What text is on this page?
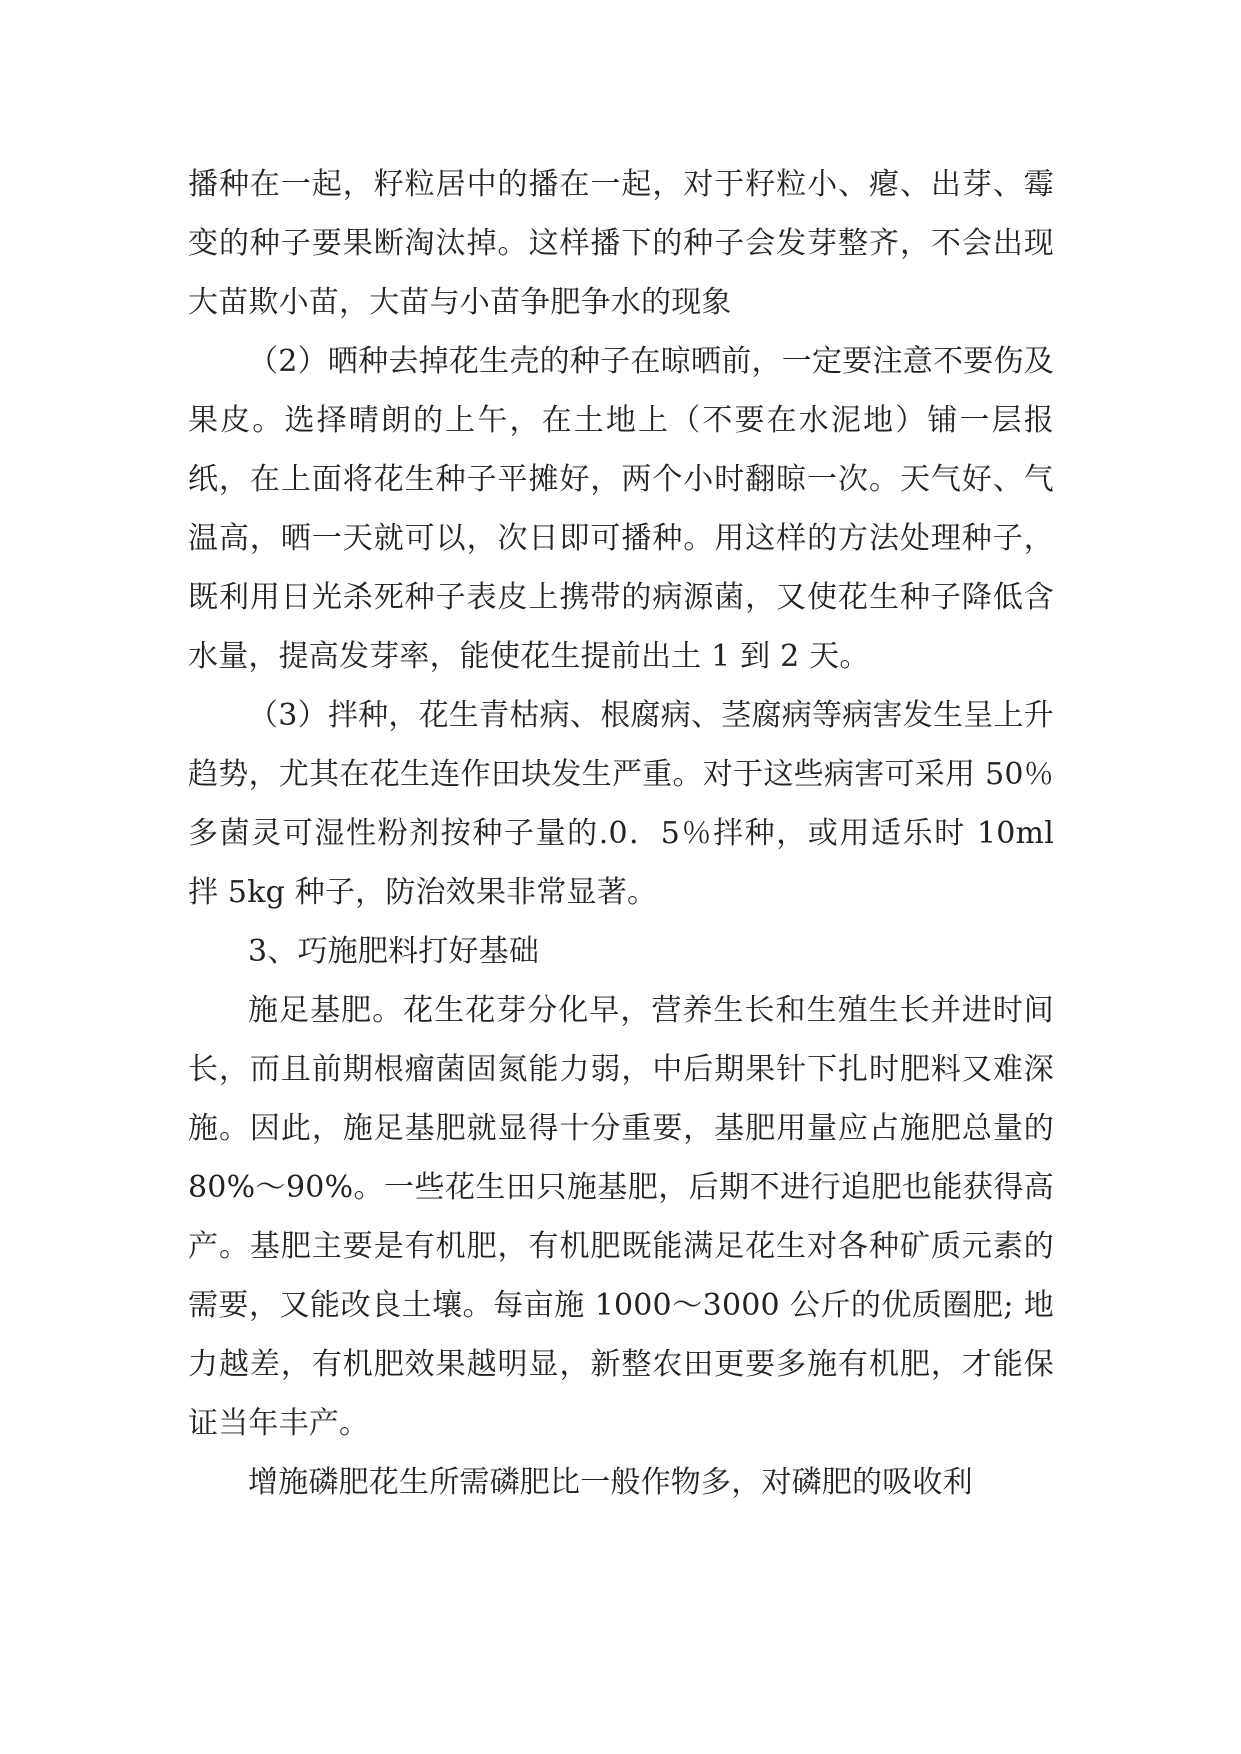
播种在一起，籽粒居中的播在一起，对于籽粒小、瘪、出芽、霉变的种子要果断淘汰掉。这样播下的种子会发芽整齐，不会出现大苗欺小苗，大苗与小苗争肥争水的现象

（2）晒种去掉花生壳的种子在晾晒前，一定要注意不要伤及果皮。选择晴朗的上午，在土地上（不要在水泥地）铺一层报纸，在上面将花生种子平摊好，两个小时翻晾一次。天气好、气温高，晒一天就可以，次日即可播种。用这样的方法处理种子，既利用日光杀死种子表皮上携带的病源菌，又使花生种子降低含水量，提高发芽率，能使花生提前出土 1 到 2 天。

（3）拌种，花生青枯病、根腐病、茎腐病等病害发生呈上升趋势，尤其在花生连作田块发生严重。对于这些病害可采用 50％多菌灵可湿性粉剂按种子量的.0．5％拌种，或用适乐时 10ml 拌 5kg 种子，防治效果非常显著。

3、巧施肥料打好基础

施足基肥。花生花芽分化早，营养生长和生殖生长并进时间长，而且前期根瘤菌固氮能力弱，中后期果针下扎时肥料又难深施。因此，施足基肥就显得十分重要，基肥用量应占施肥总量的 80%～90%。一些花生田只施基肥，后期不进行追肥也能获得高产。基肥主要是有机肥，有机肥既能满足花生对各种矿质元素的需要，又能改良土壤。每亩施 1000～3000 公斤的优质圈肥; 地力越差，有机肥效果越明显，新整农田更要多施有机肥，才能保证当年丰产。

增施磷肥花生所需磷肥比一般作物多，对磷肥的吸收利
